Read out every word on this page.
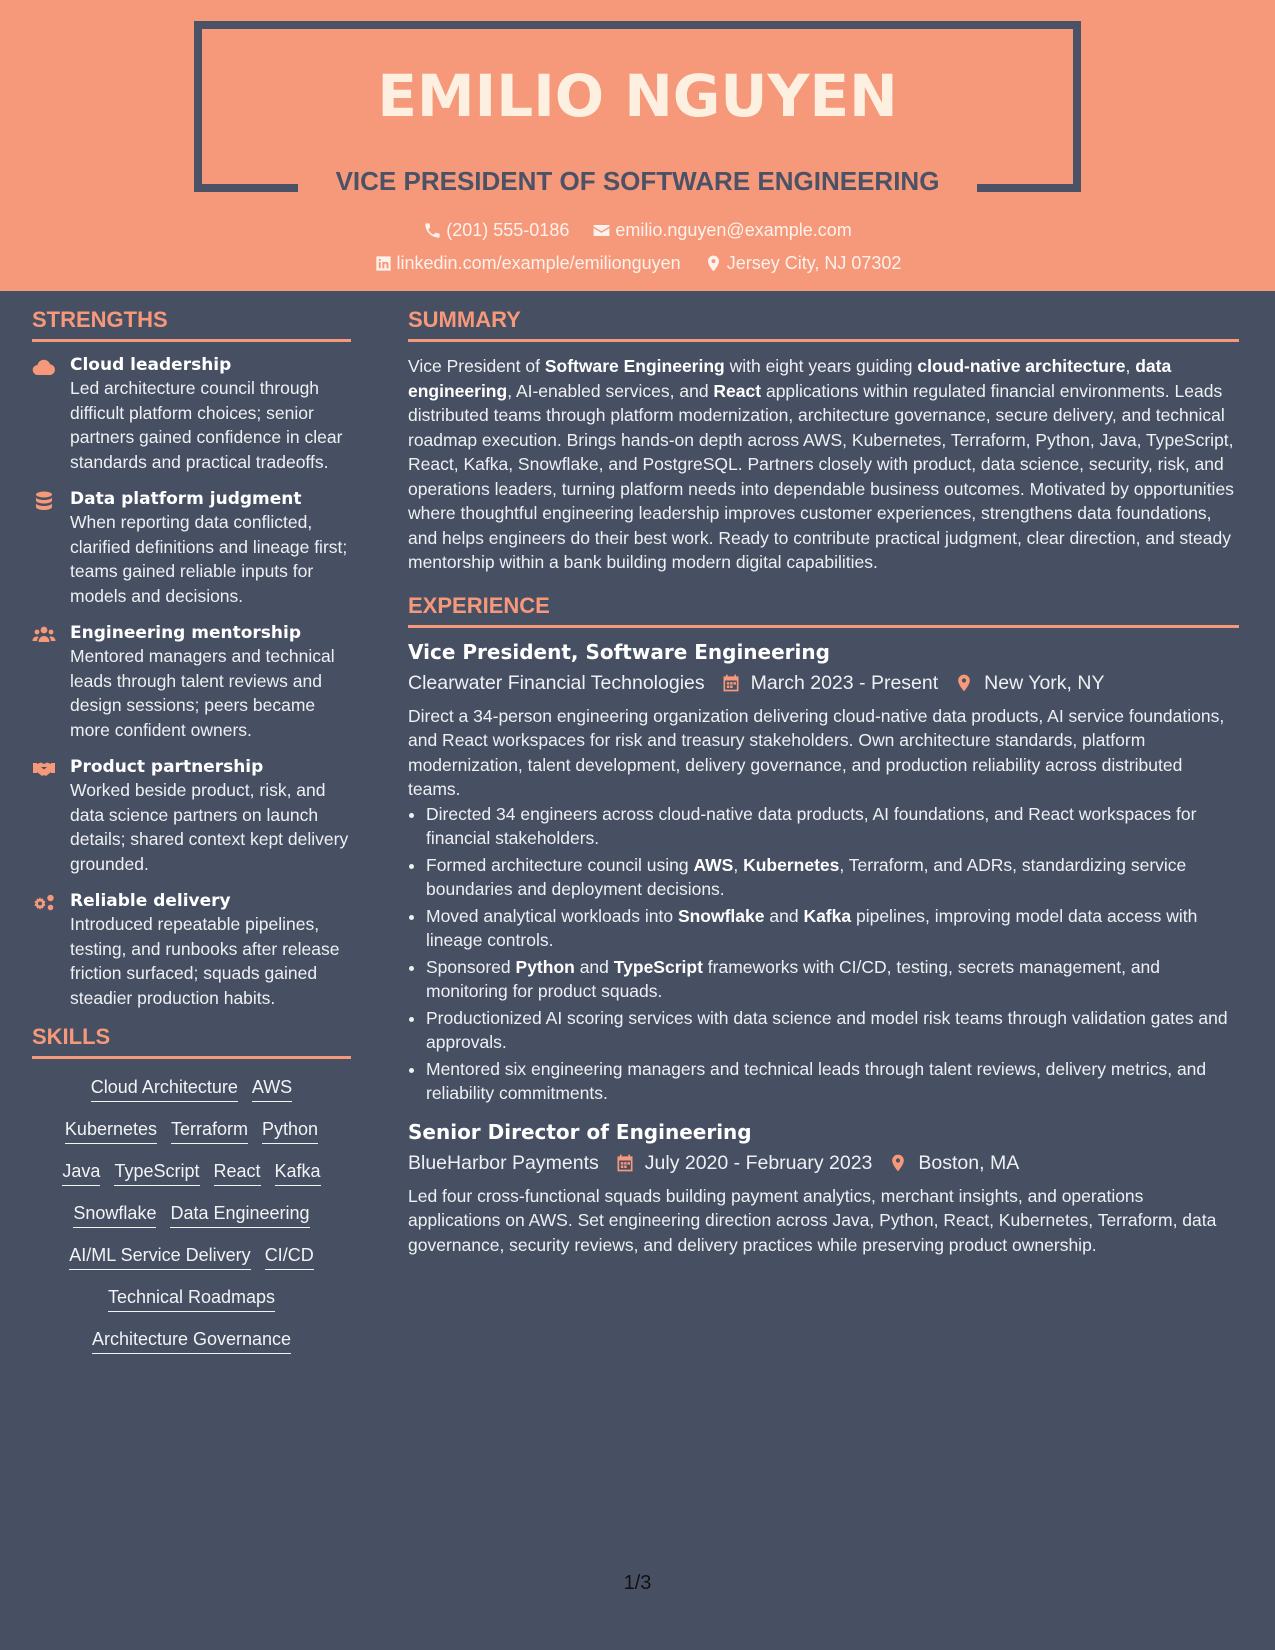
EMILIO NGUYEN
VICE PRESIDENT OF SOFTWARE ENGINEERING
(201) 555-0186
	emilio.nguyen@example.com
linkedin.com/example/emilionguyen
	Jersey City, NJ 07302
STRENGTHS
Cloud leadership
Led architecture council through difficult platform choices; senior partners gained confidence in clear standards and practical tradeoffs.
Data platform judgment
When reporting data conflicted, clarified definitions and lineage first; teams gained reliable inputs for models and decisions.
Engineering mentorship
Mentored managers and technical leads through talent reviews and design sessions; peers became more confident owners.
Product partnership
Worked beside product, risk, and data science partners on launch details; shared context kept delivery grounded.
Reliable delivery
Introduced repeatable pipelines, testing, and runbooks after release friction surfaced; squads gained steadier production habits.
SKILLS
Cloud Architecture AWS
Kubernetes Terraform Python
Java TypeScript React Kafka
Snowflake Data Engineering
AI/ML Service Delivery CI/CD
Technical Roadmaps
Architecture Governance
SUMMARY

Vice President of Software Engineering with eight years guiding cloud-native architecture, data engineering, AI-enabled services, and React applications within regulated financial environments. Leads distributed teams through platform modernization, architecture governance, secure delivery, and technical roadmap execution. Brings hands-on depth across AWS, Kubernetes, Terraform, Python, Java, TypeScript, React, Kafka, Snowflake, and PostgreSQL. Partners closely with product, data science, security, risk, and operations leaders, turning platform needs into dependable business outcomes. Motivated by opportunities where thoughtful engineering leadership improves customer experiences, strengthens data foundations, and helps engineers do their best work. Ready to contribute practical judgment, clear direction, and steady mentorship within a bank building modern digital capabilities.

EXPERIENCE
Vice President, Software Engineering
Clearwater Financial Technologies March 2023 - Present New York, NY
Direct a 34-person engineering organization delivering cloud-native data products, AI service foundations, and React workspaces for risk and treasury stakeholders. Own architecture standards, platform modernization, talent development, delivery governance, and production reliability across distributed teams.
• Directed 34 engineers across cloud-native data products, AI foundations, and React workspaces for financial stakeholders.
• Formed architecture council using AWS, Kubernetes, Terraform, and ADRs, standardizing service boundaries and deployment decisions.
• Moved analytical workloads into Snowflake and Kafka pipelines, improving model data access with lineage controls.
• Sponsored Python and TypeScript frameworks with CI/CD, testing, secrets management, and monitoring for product squads.
• Productionized AI scoring services with data science and model risk teams through validation gates and approvals.
• Mentored six engineering managers and technical leads through talent reviews, delivery metrics, and reliability commitments.
Senior Director of Engineering
BlueHarbor Payments July 2020 - February 2023 Boston, MA
Led four cross-functional squads building payment analytics, merchant insights, and operations applications on AWS. Set engineering direction across Java, Python, React, Kubernetes, Terraform, data governance, security reviews, and delivery practices while preserving product ownership.
1/3
